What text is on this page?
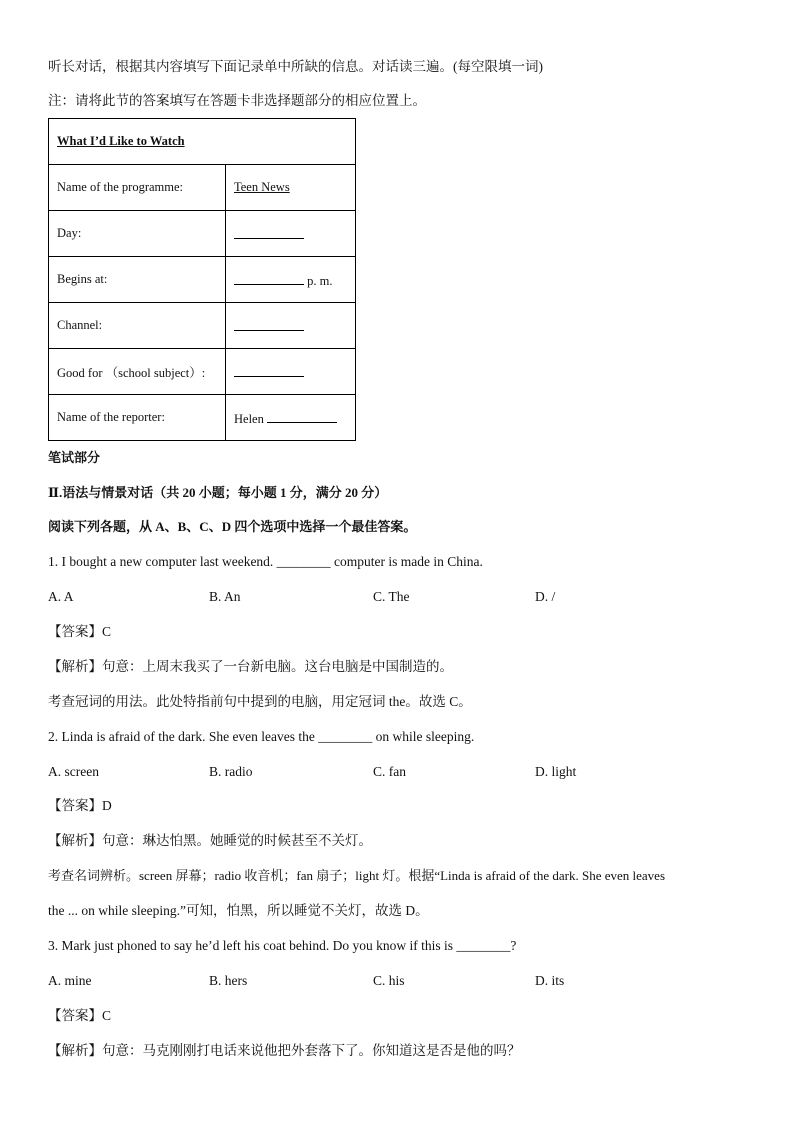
听长对话，根据其内容填写下面记录单中所缺的信息。对话读三遍。(每空限填一词)
注：请将此节的答案填写在答题卡非选择题部分的相应位置上。
What I’d Like to Watch	
Name of the programme:	Teen News
Day:	
Begins at:	p. m.
Channel:	
Good for （school subject）:	
Name of the reporter:	Helen
笔试部分
Ⅱ.语法与情景对话（共 20 小题；每小题 1 分，满分 20 分）
阅读下列各题，从 A、B、C、D 四个选项中选择一个最佳答案。
1. I bought a new computer last weekend. ________ computer is made in China.
A. A	B. An	C. The	D. /
【答案】C
【解析】句意：上周末我买了一台新电脑。这台电脑是中国制造的。
考查冠词的用法。此处特指前句中提到的电脑，用定冠词 the。故选 C。
2. Linda is afraid of the dark. She even leaves the ________ on while sleeping.
A. screen	B. radio	C. fan	D. light
【答案】D
【解析】句意：琳达怕黑。她睡觉的时候甚至不关灯。
考查名词辨析。screen 屏幕；radio 收音机；fan 扇子；light 灯。根据“Linda is afraid of the dark. She even leaves
the ... on while sleeping.”可知，怕黑，所以睡觉不关灯，故选 D。
3. Mark just phoned to say he’d left his coat behind. Do you know if this is ________?
A. mine	B. hers	C. his	D. its
【答案】C
【解析】句意：马克刚刚打电话来说他把外套落下了。你知道这是否是他的吗？
